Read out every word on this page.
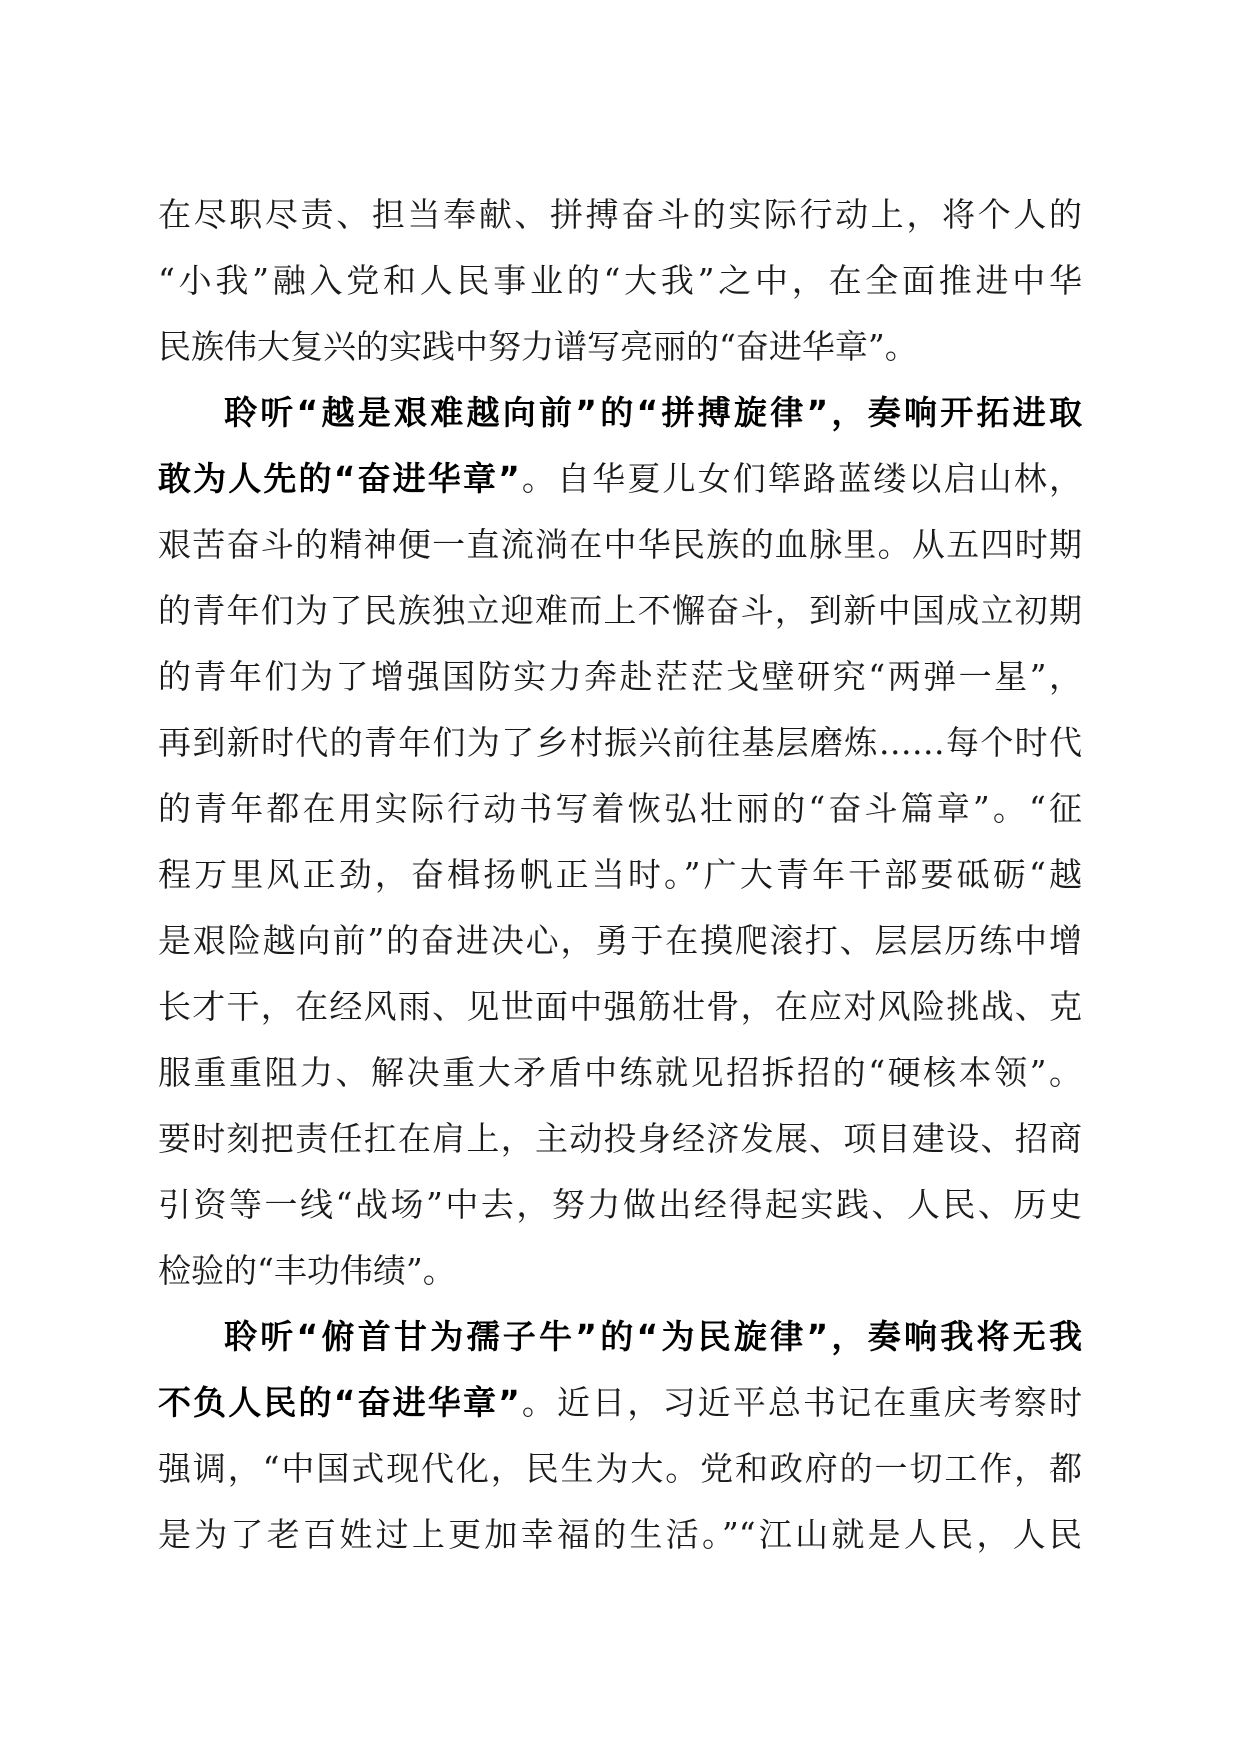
在尽职尽责、担当奉献、拼搏奋斗的实际行动上，将个人的

“小我”融入党和人民事业的“大我”之中，在全面推进中华

民族伟大复兴的实践中努力谱写亮丽的“奋进华章”。

聆听“越是艰难越向前”的“拼搏旋律”，奏响开拓进取

敢为人先的“奋进华章”。自华夏儿女们筚路蓝缕以启山林，

艰苦奋斗的精神便一直流淌在中华民族的血脉里。从五四时期

的青年们为了民族独立迎难而上不懈奋斗，到新中国成立初期

的青年们为了增强国防实力奔赴茫茫戈壁研究“两弹一星”，

再到新时代的青年们为了乡村振兴前往基层磨炼……每个时代

的青年都在用实际行动书写着恢弘壮丽的“奋斗篇章”。“征

程万里风正劲，奋楫扬帆正当时。”广大青年干部要砥砺“越

是艰险越向前”的奋进决心，勇于在摸爬滚打、层层历练中增

长才干，在经风雨、见世面中强筋壮骨，在应对风险挑战、克

服重重阻力、解决重大矛盾中练就见招拆招的“硬核本领”。

要时刻把责任扛在肩上，主动投身经济发展、项目建设、招商

引资等一线“战场”中去，努力做出经得起实践、人民、历史

检验的“丰功伟绩”。

聆听“俯首甘为孺子牛”的“为民旋律”，奏响我将无我

不负人民的“奋进华章”。近日，习近平总书记在重庆考察时

强调，“中国式现代化，民生为大。党和政府的一切工作，都

是为了老百姓过上更加幸福的生活。”“江山就是人民，人民
